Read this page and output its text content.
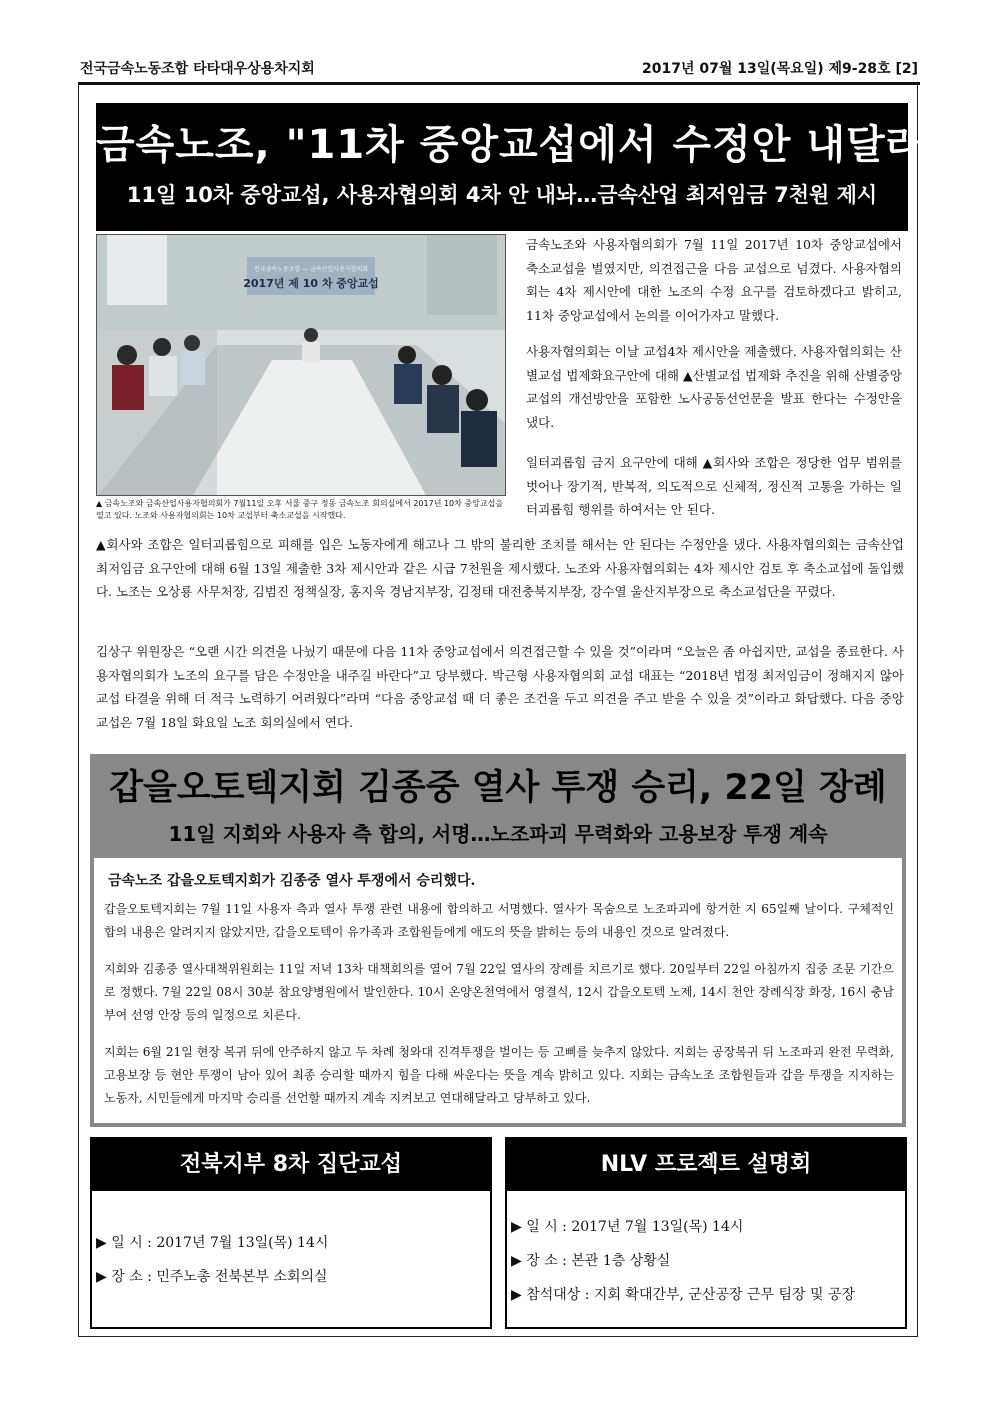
전국금속노동조합 타타대우상용차지회	2017년 07월 13일(목요일) 제9-28호 [2]
금속노조, "11차 중앙교섭에서 수정안 내달라"
11일 10차 중앙교섭, 사용자협의회 4차 안 내놔…금속산업 최저임금 7천원 제시
전국금속노동조합 — 금속산업사용자협의회
2017년 제 10 차 중앙교섭
▲ 금속노조와 금속산업사용자협의회가 7월11일 오후 서울 중구 정동 금속노조 회의실에서 2017년 10차 중앙교섭을 열고 있다. 노조와 사용자협의회는 10차 교섭부터 축소교섭을 시작했다.
금속노조와 사용자협의회가 7월 11일 2017년 10차 중앙교섭에서 축소교섭을 벌였지만, 의견접근을 다음 교섭으로 넘겼다. 사용자협의회는 4차 제시안에 대한 노조의 수정 요구를 검토하겠다고 밝히고, 11차 중앙교섭에서 논의를 이어가자고 말했다.
사용자협의회는 이날 교섭4차 제시안을 제출했다. 사용자협의회는 산별교섭 법제화요구안에 대해 ▲산별교섭 법제화 추진을 위해 산별중앙교섭의 개선방안을 포함한 노사공동선언문을 발표 한다는 수정안을 냈다.
일터괴롭힘 금지 요구안에 대해 ▲회사와 조합은 정당한 업무 범위를 벗어나 장기적, 반복적, 의도적으로 신체적, 정신적 고통을 가하는 일터괴롭힘 행위를 하여서는 안 된다.
▲회사와 조합은 일터괴롭힘으로 피해를 입은 노동자에게 해고나 그 밖의 불리한 조치를 해서는 안 된다는 수정안을 냈다. 사용자협의회는 금속산업 최저임금 요구안에 대해 6월 13일 제출한 3차 제시안과 같은 시급 7천원을 제시했다. 노조와 사용자협의회는 4차 제시안 검토 후 축소교섭에 돌입했다. 노조는 오상룡 사무처장, 김범진 정책실장, 홍지욱 경남지부장, 김정태 대전충북지부장, 강수열 울산지부장으로 축소교섭단을 꾸렸다.
김상구 위원장은 “오랜 시간 의견을 나눴기 때문에 다음 11차 중앙교섭에서 의견접근할 수 있을 것”이라며 “오늘은 좀 아쉽지만, 교섭을 종료한다. 사용자협의회가 노조의 요구를 담은 수정안을 내주길 바란다”고 당부했다. 박근형 사용자협의회 교섭 대표는 “2018년 법정 최저임금이 정해지지 않아 교섭 타결을 위해 더 적극 노력하기 어려웠다”라며 “다음 중앙교섭 때 더 좋은 조건을 두고 의견을 주고 받을 수 있을 것”이라고 화답했다. 다음 중앙교섭은 7월 18일 화요일 노조 회의실에서 연다.
갑을오토텍지회 김종중 열사 투쟁 승리, 22일 장례
11일 지회와 사용자 측 합의, 서명…노조파괴 무력화와 고용보장 투쟁 계속
금속노조 갑을오토텍지회가 김종중 열사 투쟁에서 승리했다.
갑을오토텍지회는 7월 11일 사용자 측과 열사 투쟁 관련 내용에 합의하고 서명했다. 열사가 목숨으로 노조파괴에 항거한 지 65일째 날이다. 구체적인 합의 내용은 알려지지 않았지만, 갑을오토텍이 유가족과 조합원들에게 애도의 뜻을 밝히는 등의 내용인 것으로 알려졌다.
지회와 김종중 열사대책위원회는 11일 저녁 13차 대책회의를 열어 7월 22일 열사의 장례를 치르기로 했다. 20일부터 22일 아침까지 집중 조문 기간으로 정했다. 7월 22일 08시 30분 참요양병원에서 발인한다. 10시 온양온천역에서 영결식, 12시 갑을오토텍 노제, 14시 천안 장례식장 화장, 16시 충남 부여 선영 안장 등의 일정으로 치른다.
지회는 6월 21일 현장 복귀 뒤에 안주하지 않고 두 차례 청와대 진격투쟁을 벌이는 등 고삐를 늦추지 않았다. 지회는 공장복귀 뒤 노조파괴 완전 무력화, 고용보장 등 현안 투쟁이 남아 있어 최종 승리할 때까지 힘을 다해 싸운다는 뜻을 계속 밝히고 있다. 지회는 금속노조 조합원들과 갑을 투쟁을 지지하는 노동자, 시민들에게 마지막 승리를 선언할 때까지 계속 지켜보고 연대해달라고 당부하고 있다.
전북지부 8차 집단교섭
▶ 일 시 : 2017년 7월 13일(목) 14시
▶ 장 소 : 민주노총 전북본부 소회의실
NLV 프로젝트 설명회
▶ 일 시 : 2017년 7월 13일(목) 14시
▶ 장 소 : 본관 1층 상황실
▶ 참석대상 : 지회 확대간부, 군산공장 근무 팀장 및 공장
